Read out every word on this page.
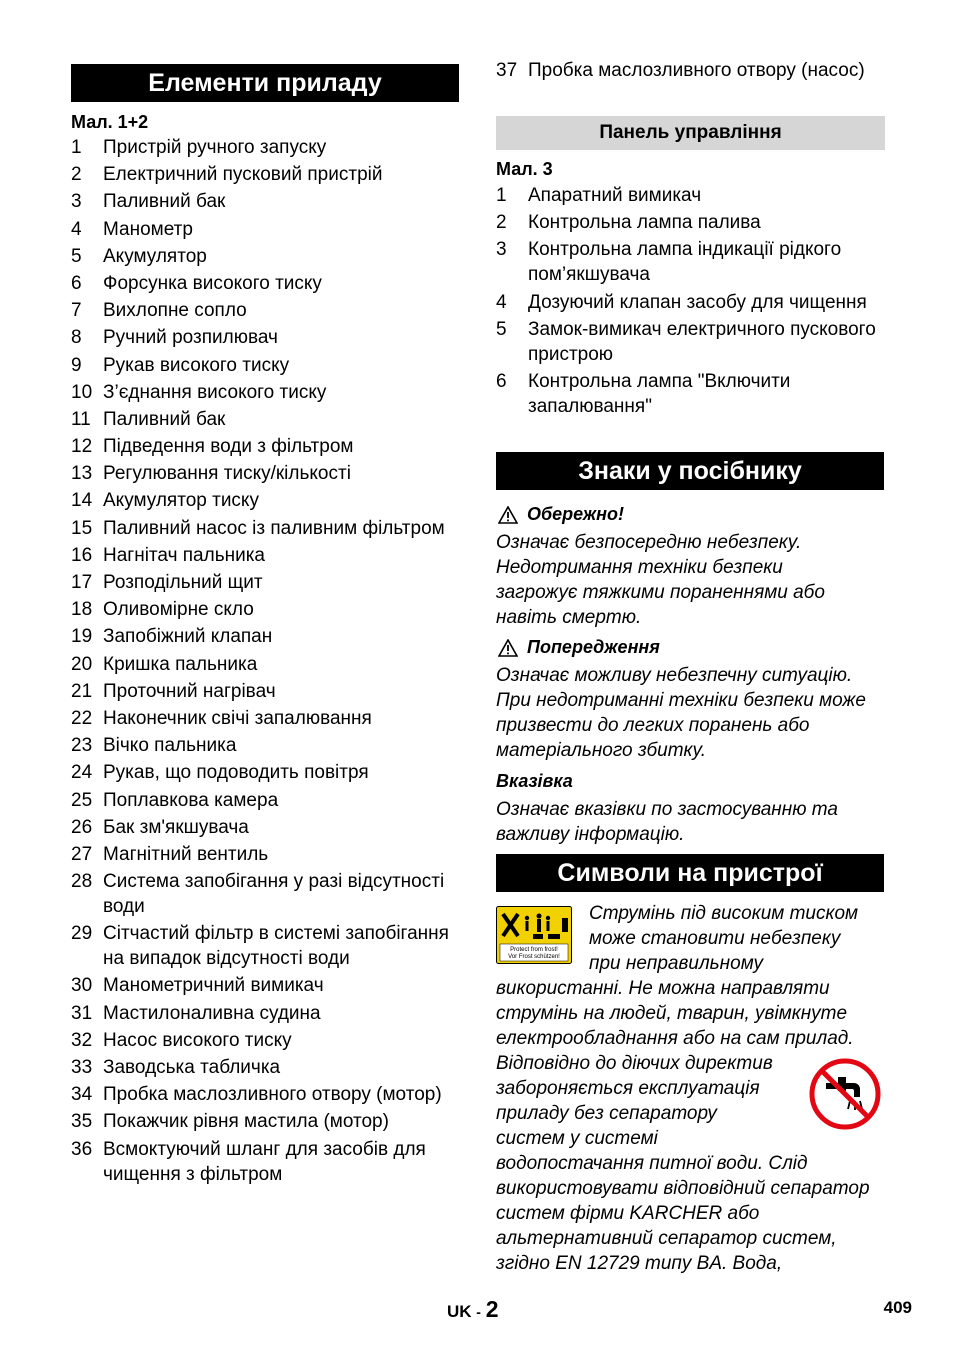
Елементи приладу
Мал. 1+2
1	Пристрій ручного запуску
2	Електричний пусковий пристрій
3	Паливний бак
4	Манометр
5	Акумулятор
6	Форсунка високого тиску
7	Вихлопне сопло
8	Ручний розпилювач
9	Рукав високого тиску
10 З’єднання високого тиску
11 Паливний бак
12 Підведення води з фільтром
13 Регулювання тиску/кількості
14 Акумулятор тиску
15 Паливний насос із паливним фільтром
16 Нагнітач пальника
17 Розподільний щит
18 Оливомірне скло
19 Запобіжний клапан
20 Кришка пальника
21 Проточний нагрівач
22 Наконечник свічі запалювання
23 Вічко пальника
24 Рукав, що подоводить повітря
25 Поплавкова камера
26 Бак зм'якшувача
27 Магнітний вентиль
28 Система запобігання у разі відсутності води
29 Сітчастий фільтр в системі запобігання на випадок відсутності води
30 Манометричний вимикач
31 Мастилоналивна судина
32 Насос високого тиску
33 Заводська табличка
34 Пробка маслозливного отвору (мотор)
35 Покажчик рівня мастила (мотор)
36 Всмоктуючий шланг для засобів для чищення з фільтром
37 Пробка маслозливного отвору (насос)
Панель управління
Мал. 3
1	Апаратний вимикач
2	Контрольна лампа палива
3	Контрольна лампа індикації рідкого пом’якшувача
4	Дозуючий клапан засобу для чищення
5	Замок-вимикач електричного пускового пристрою
6	Контрольна лампа "Включити запалювання"
Знаки у посібнику
Обережно!
Означає безпосередню небезпеку. Недотримання техніки безпеки загрожує тяжкими пораненнями або навіть смертю.
Попередження
Означає можливу небезпечну ситуацію. При недотриманні техніки безпеки може призвести до легких поранень або матеріального збитку.
Вказівка
Означає вказівки по застосуванню та важливу інформацію.
Символи на пристрої
Protect from frost!
Vor Frost schützen!
Струмінь під високим тиском
може становити небезпеку
при неправильному
використанні. Не можна направляти струмінь на людей, тварин, увімкнуте електрообладнання або на сам прилад.
Відповідно до діючих директив
забороняється експлуатація
приладу без сепаратору
систем у системі
водопостачання питної води. Слід використовувати відповідний сепаратор систем фірми KARCHER або альтернативний сепаратор систем, згідно EN 12729 типу BA. Вода,
UK - 2	409
